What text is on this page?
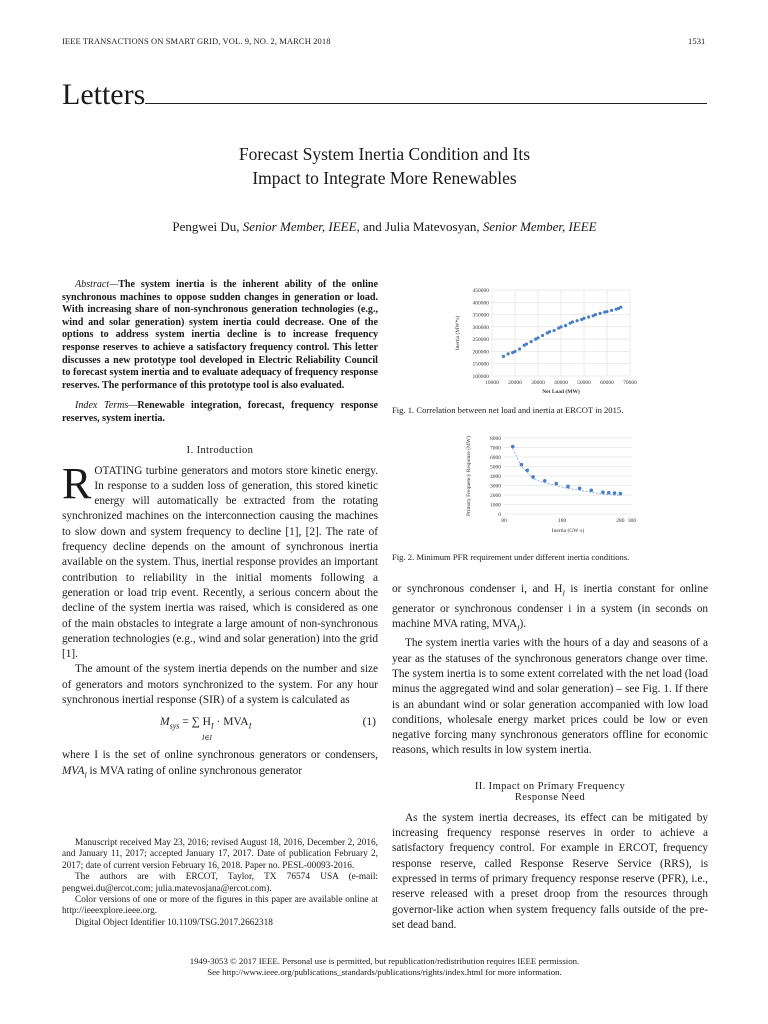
IEEE TRANSACTIONS ON SMART GRID, VOL. 9, NO. 2, MARCH 2018	1531
Letters
Forecast System Inertia Condition and Its
Impact to Integrate More Renewables
Pengwei Du, Senior Member, IEEE, and Julia Matevosyan, Senior Member, IEEE

Abstract—The system inertia is the inherent ability of the online synchronous machines to oppose sudden changes in generation or load. With increasing share of non-synchronous generation technologies (e.g., wind and solar generation) system inertia could decrease. One of the options to address system inertia decline is to increase frequency response reserves to achieve a satisfactory frequency control. This letter discusses a new prototype tool developed in Electric Reliability Council to forecast system inertia and to evaluate adequacy of frequency response reserves. The performance of this prototype tool is also evaluated.

Index Terms—Renewable integration, forecast, frequency response reserves, system inertia.

I. Introduction

ROTATING turbine generators and motors store kinetic energy. In response to a sudden loss of generation, this stored kinetic energy will automatically be extracted from the rotating synchronized machines on the interconnection causing the machines to slow down and system frequency to decline [1], [2]. The rate of frequency decline depends on the amount of synchronous inertia available on the system. Thus, inertial response provides an important contribution to reliability in the initial moments following a generation or load trip event. Recently, a serious concern about the decline of the system inertia was raised, which is considered as one of the main obstacles to integrate a large amount of non-synchronous generation technologies (e.g., wind and solar generation) into the grid [1].

The amount of the system inertia depends on the number and size of generators and motors synchronized to the system. For any hour synchronous inertial response (SIR) of a system is calculated as

$M_{sys}$ = ∑ $H_I \cdot MVA_I$
I∈I
(1)

where I is the set of online synchronous generators or condensers, $MVA_I$ is MVA rating of online synchronous generator

Manuscript received May 23, 2016; revised August 18, 2016, December 2, 2016, and January 11, 2017; accepted January 17, 2017. Date of publication February 2, 2017; date of current version February 16, 2018. Paper no. PESL-00093-2016.

The authors are with ERCOT, Taylor, TX 76574 USA (e-mail: pengwei.du@ercot.com; julia.matevosjana@ercot.com).

Color versions of one or more of the figures in this paper are available online at http://ieeexplore.ieee.org.

Digital Object Identifier 10.1109/TSG.2017.2662318

100000
150000
200000
250000
300000
350000
400000
450000
10000 20000 30000 40000 50000 60000 70000
Net Load (MW)
Inertia (MW*s)
Fig. 1. Correlation between net load and inertia at ERCOT in 2015.
0
1000
2000
3000
4000
5000
6000
7000
8000
80	180	280 300
Inertia (GW·s)
Primary Frequency Response (MW)
Fig. 2. Minimum PFR requirement under different inertia conditions.

or synchronous condenser i, and $H_I$ is inertia constant for online generator or synchronous condenser i in a system (in seconds on machine MVA rating, $MVA_I$).

The system inertia varies with the hours of a day and seasons of a year as the statuses of the synchronous generators change over time. The system inertia is to some extent correlated with the net load (load minus the aggregated wind and solar generation) – see Fig. 1. If there is an abundant wind or solar generation accompanied with low load conditions, wholesale energy market prices could be low or even negative forcing many synchronous generators offline for economic reasons, which results in low system inertia.

II. Impact on Primary Frequency
Response Need

As the system inertia decreases, its effect can be mitigated by increasing frequency response reserves in order to achieve a satisfactory frequency control. For example in ERCOT, frequency response reserve, called Response Reserve Service (RRS), is expressed in terms of primary frequency response reserve (PFR), i.e., reserve released with a preset droop from the resources through governor-like action when system frequency falls outside of the pre-set dead band.

1949-3053 © 2017 IEEE. Personal use is permitted, but republication/redistribution requires IEEE permission.
See http://www.ieee.org/publications_standards/publications/rights/index.html for more information.
